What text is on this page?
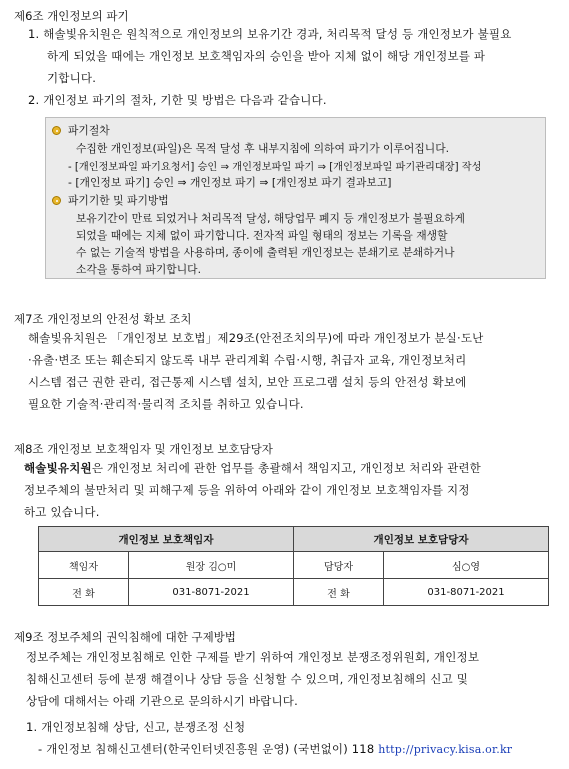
제6조 개인정보의 파기
1. 해솔빛유치원은 원칙적으로 개인정보의 보유기간 경과, 처리목적 달성 등 개인정보가 불필요
하게 되었을 때에는 개인정보 보호책임자의 승인을 받아 지체 없이 해당 개인정보를 파
기합니다.
2. 개인정보 파기의 절차, 기한 및 방법은 다음과 같습니다.
파기절차
수집한 개인정보(파일)은 목적 달성 후 내부지침에 의하여 파기가 이루어집니다.
- [개인정보파일 파기요청서] 승인 ⇒ 개인정보파일 파기 ⇒ [개인정보파일 파기관리대장] 작성
- [개인정보 파기] 승인 ⇒ 개인정보 파기 ⇒ [개인정보 파기 결과보고]
파기기한 및 파기방법
보유기간이 만료 되었거나 처리목적 달성, 해당업무 폐지 등 개인정보가 불필요하게
되었을 때에는 지체 없이 파기합니다. 전자적 파일 형태의 정보는 기록을 재생할
수 없는 기술적 방법을 사용하며, 종이에 출력된 개인정보는 분쇄기로 분쇄하거나
소각을 통하여 파기합니다.
제7조 개인정보의 안전성 확보 조치
해솔빛유치원은 「개인정보 보호법」제29조(안전조치의무)에 따라 개인정보가 분실·도난
·유출·변조 또는 훼손되지 않도록 내부 관리계획 수립·시행, 취급자 교육, 개인정보처리
시스템 접근 권한 관리, 접근통제 시스템 설치, 보안 프로그램 설치 등의 안전성 확보에
필요한 기술적·관리적·물리적 조치를 취하고 있습니다.
제8조 개인정보 보호책임자 및 개인정보 보호담당자
해솔빛유치원은 개인정보 처리에 관한 업무를 총괄해서 책임지고, 개인정보 처리와 관련한
정보주체의 불만처리 및 피해구제 등을 위하여 아래와 같이 개인정보 보호책임자를 지정
하고 있습니다.
개인정보 보호책임자		개인정보 보호담당자	
책임자	원장 김○미	담당자	심○영
전 화	031-8071-2021	전 화	031-8071-2021
제9조 정보주체의 권익침해에 대한 구제방법
정보주체는 개인정보침해로 인한 구제를 받기 위하여 개인정보 분쟁조정위원회, 개인정보
침해신고센터 등에 분쟁 해결이나 상담 등을 신청할 수 있으며, 개인정보침해의 신고 및
상담에 대해서는 아래 기관으로 문의하시기 바랍니다.
1. 개인정보침해 상담, 신고, 분쟁조정 신청
- 개인정보 침해신고센터(한국인터넷진흥원 운영) (국번없이) 118 http://privacy.kisa.or.kr
